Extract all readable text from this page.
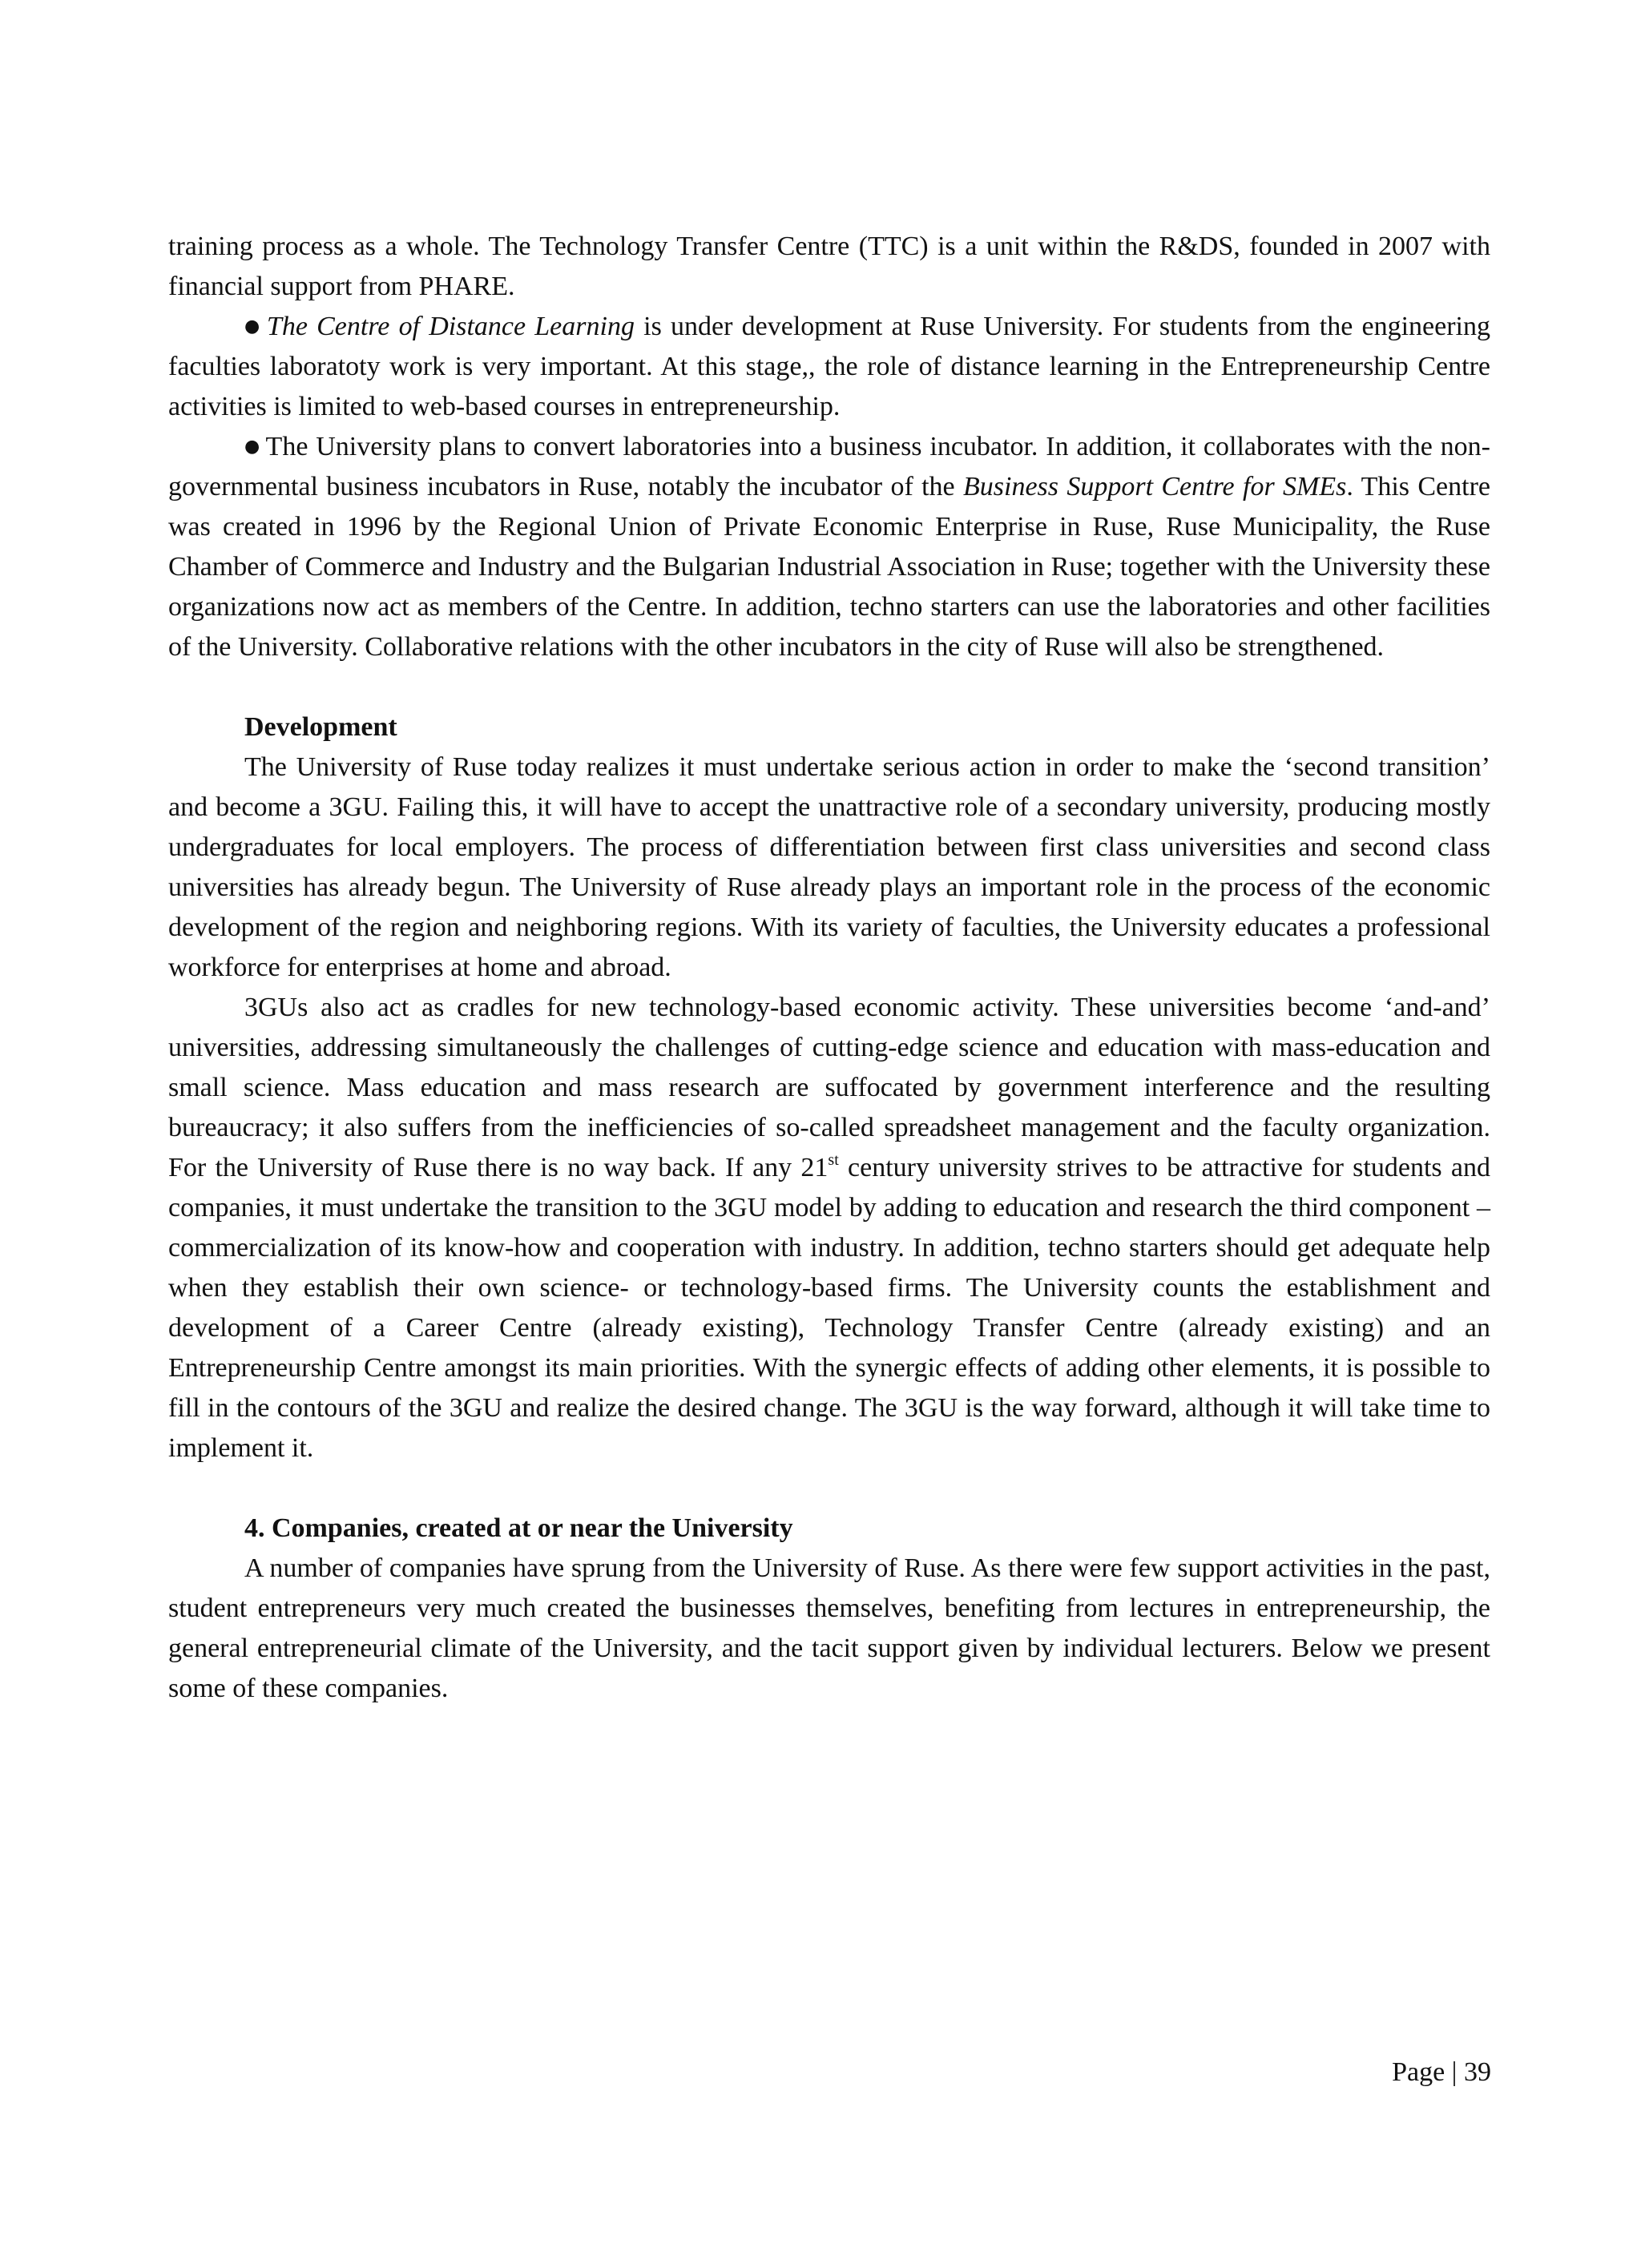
training process as a whole. The Technology Transfer Centre (TTC) is a unit within the R&DS, founded in 2007 with financial support from PHARE.

● The Centre of Distance Learning is under development at Ruse University. For students from the engineering faculties laboratoty work is very important. At this stage,, the role of distance learning in the Entrepreneurship Centre activities is limited to web-based courses in entrepreneurship.

● The University plans to convert laboratories into a business incubator. In addition, it collaborates with the non-governmental business incubators in Ruse, notably the incubator of the Business Support Centre for SMEs. This Centre was created in 1996 by the Regional Union of Private Economic Enterprise in Ruse, Ruse Municipality, the Ruse Chamber of Commerce and Industry and the Bulgarian Industrial Association in Ruse; together with the University these organizations now act as members of the Centre. In addition, techno starters can use the laboratories and other facilities of the University. Collaborative relations with the other incubators in the city of Ruse will also be strengthened.

Development

The University of Ruse today realizes it must undertake serious action in order to make the ‘second transition’ and become a 3GU. Failing this, it will have to accept the unattractive role of a secondary university, producing mostly undergraduates for local employers. The process of differentiation between first class universities and second class universities has already begun. The University of Ruse already plays an important role in the process of the economic development of the region and neighboring regions. With its variety of faculties, the University educates a professional workforce for enterprises at home and abroad.

3GUs also act as cradles for new technology-based economic activity. These universities become ‘and-and’ universities, addressing simultaneously the challenges of cutting-edge science and education with mass-education and small science. Mass education and mass research are suffocated by government interference and the resulting bureaucracy; it also suffers from the inefficiencies of so-called spreadsheet management and the faculty organization. For the University of Ruse there is no way back. If any 21st century university strives to be attractive for students and companies, it must undertake the transition to the 3GU model by adding to education and research the third component – commercialization of its know-how and cooperation with industry. In addition, techno starters should get adequate help when they establish their own science- or technology-based firms. The University counts the establishment and development of a Career Centre (already existing), Technology Transfer Centre (already existing) and an Entrepreneurship Centre amongst its main priorities. With the synergic effects of adding other elements, it is possible to fill in the contours of the 3GU and realize the desired change. The 3GU is the way forward, although it will take time to implement it.

4. Companies, created at or near the University

A number of companies have sprung from the University of Ruse. As there were few support activities in the past, student entrepreneurs very much created the businesses themselves, benefiting from lectures in entrepreneurship, the general entrepreneurial climate of the University, and the tacit support given by individual lecturers. Below we present some of these companies.

Page | 39
